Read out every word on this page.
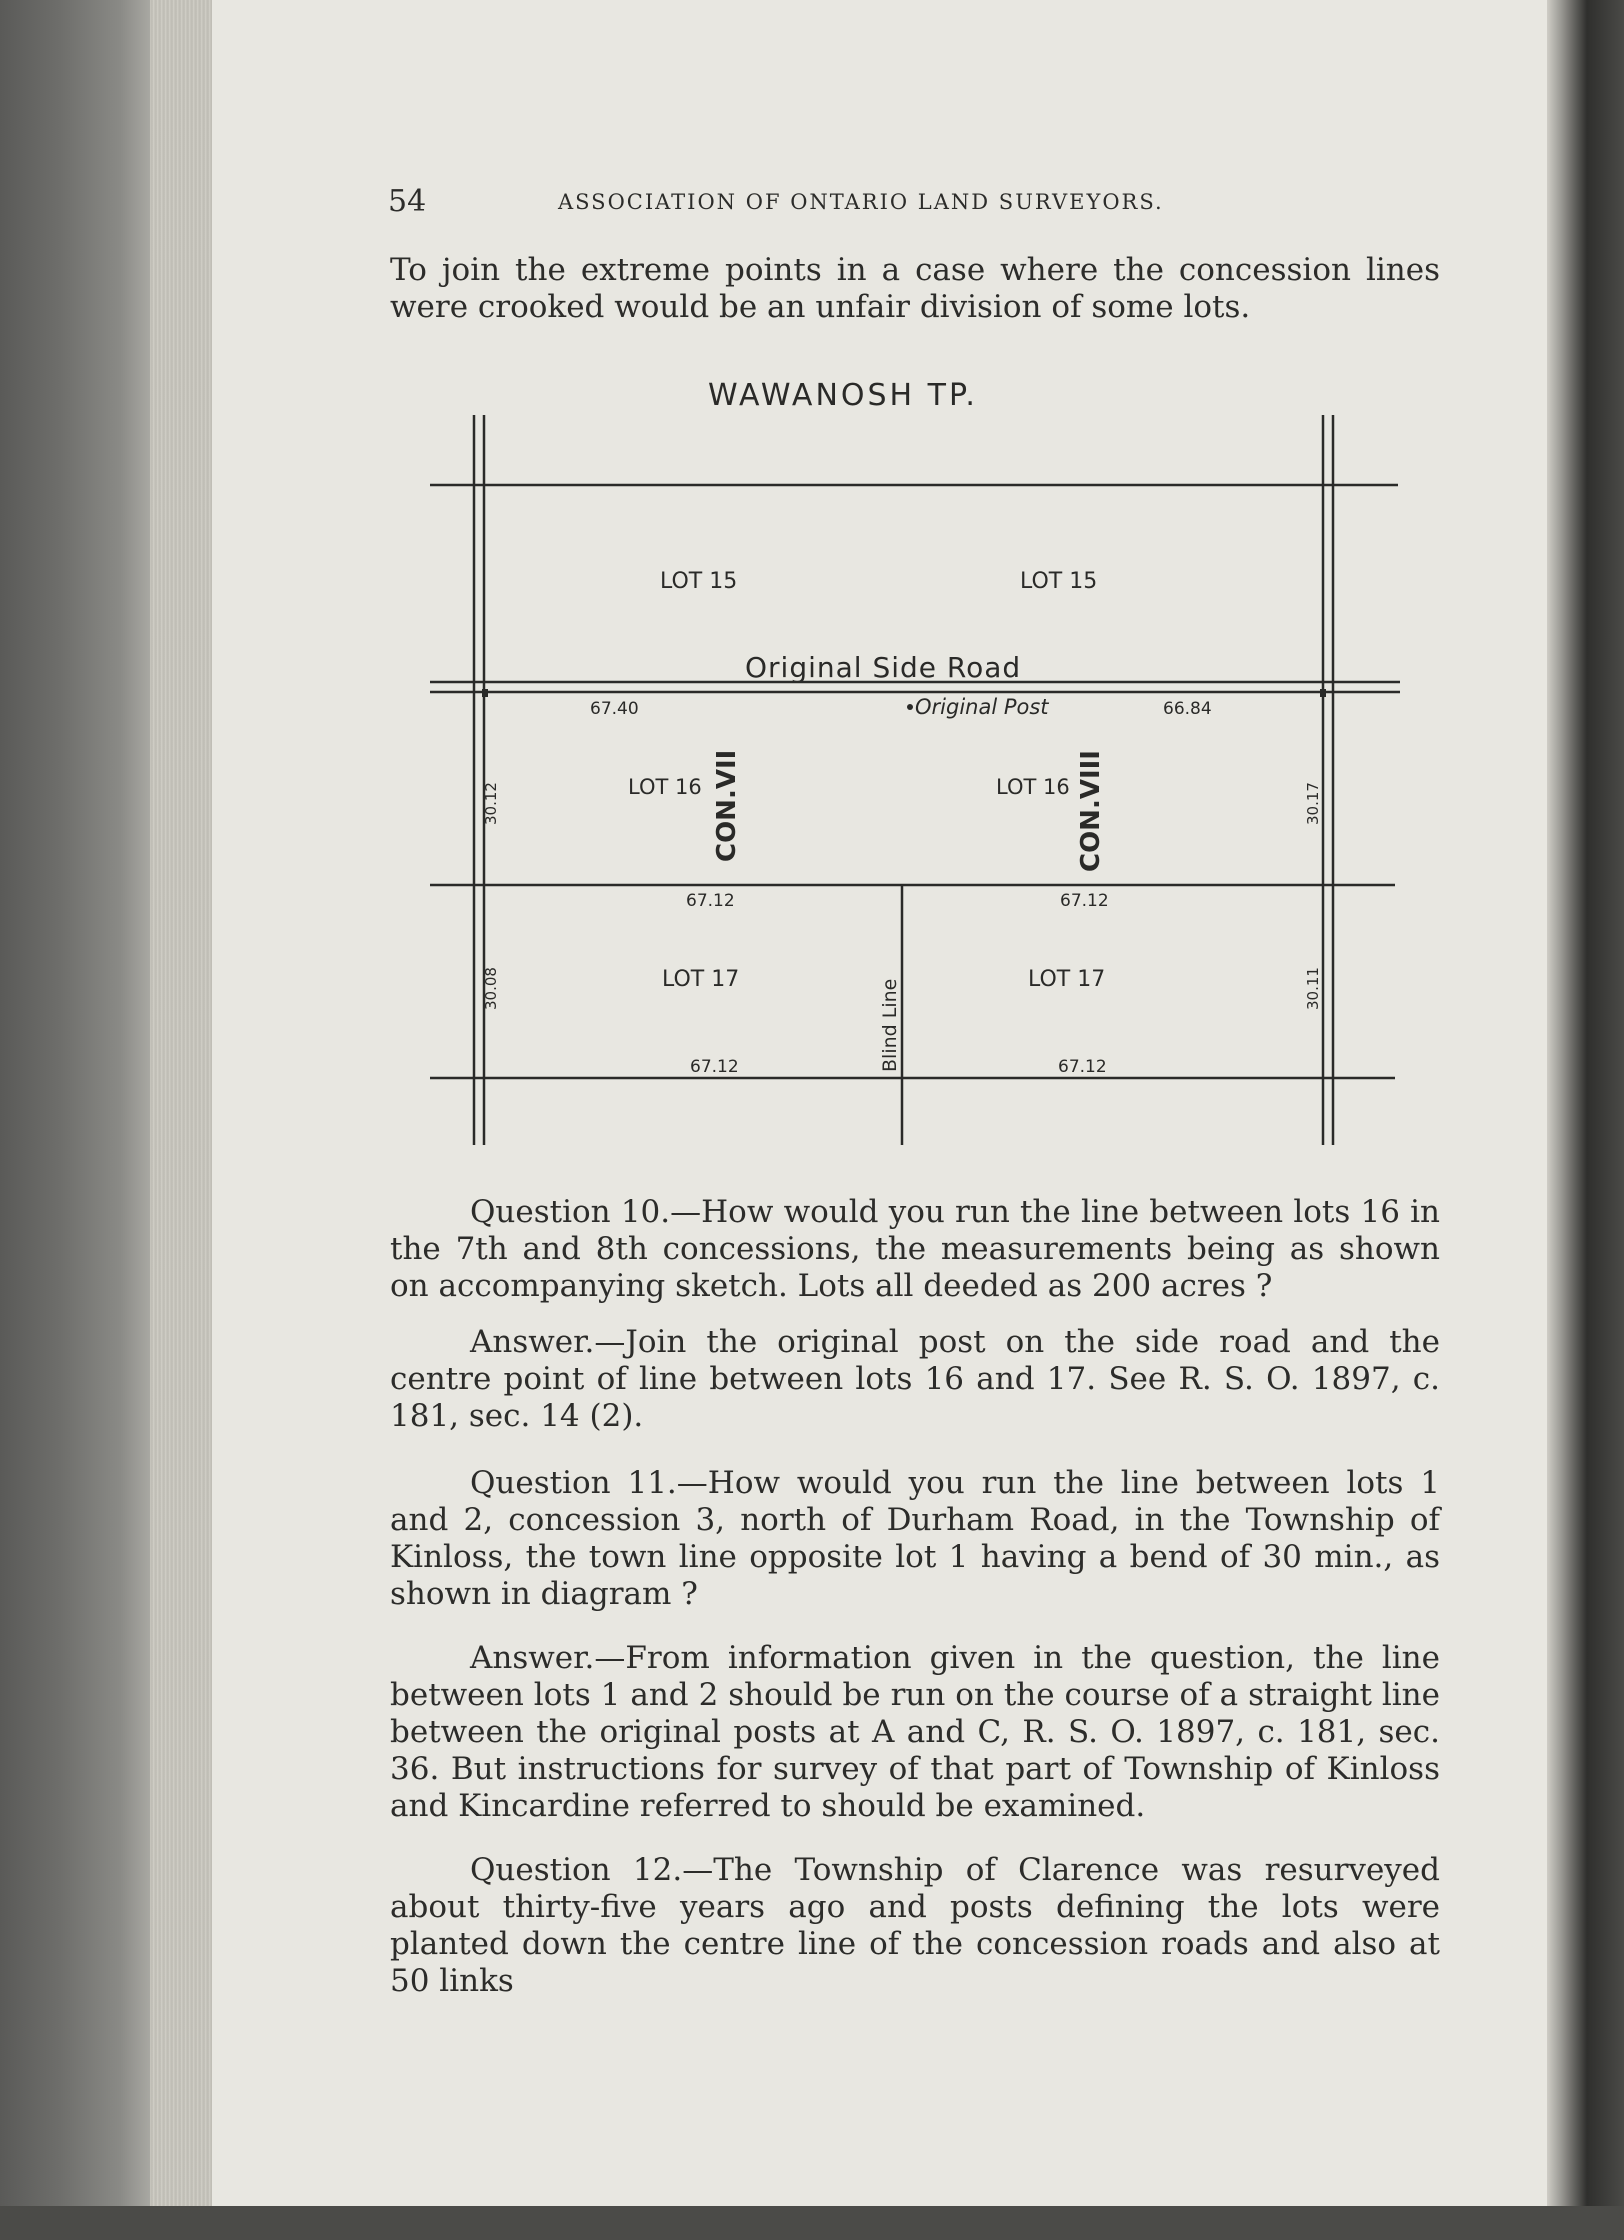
54	ASSOCIATION OF ONTARIO LAND SURVEYORS.

To join the extreme points in a case where the concession lines were crooked would be an unfair division of some lots.

WAWANOSH TP.
LOT 15	LOT 15
Original Side Road
67.40	Original Post	66.84
LOT 16	LOT 16
CON.VII	CON.VIII
30.12	30.17
67.12	67.12
30.08	30.11
LOT 17	LOT 17
Blind Line
67.12	67.12

Question 10.—How would you run the line between lots 16 in the 7th and 8th concessions, the measurements being as shown on accompanying sketch. Lots all deeded as 200 acres ?

Answer.—Join the original post on the side road and the centre point of line between lots 16 and 17. See R. S. O. 1897, c. 181, sec. 14 (2).

Question 11.—How would you run the line between lots 1 and 2, concession 3, north of Durham Road, in the Township of Kinloss, the town line opposite lot 1 having a bend of 30 min., as shown in diagram ?

Answer.—From information given in the question, the line between lots 1 and 2 should be run on the course of a straight line between the original posts at A and C, R. S. O. 1897, c. 181, sec. 36. But instructions for survey of that part of Township of Kinloss and Kincardine referred to should be examined.

Question 12.—The Township of Clarence was resurveyed about thirty-five years ago and posts defining the lots were planted down the centre line of the concession roads and also at 50 links
